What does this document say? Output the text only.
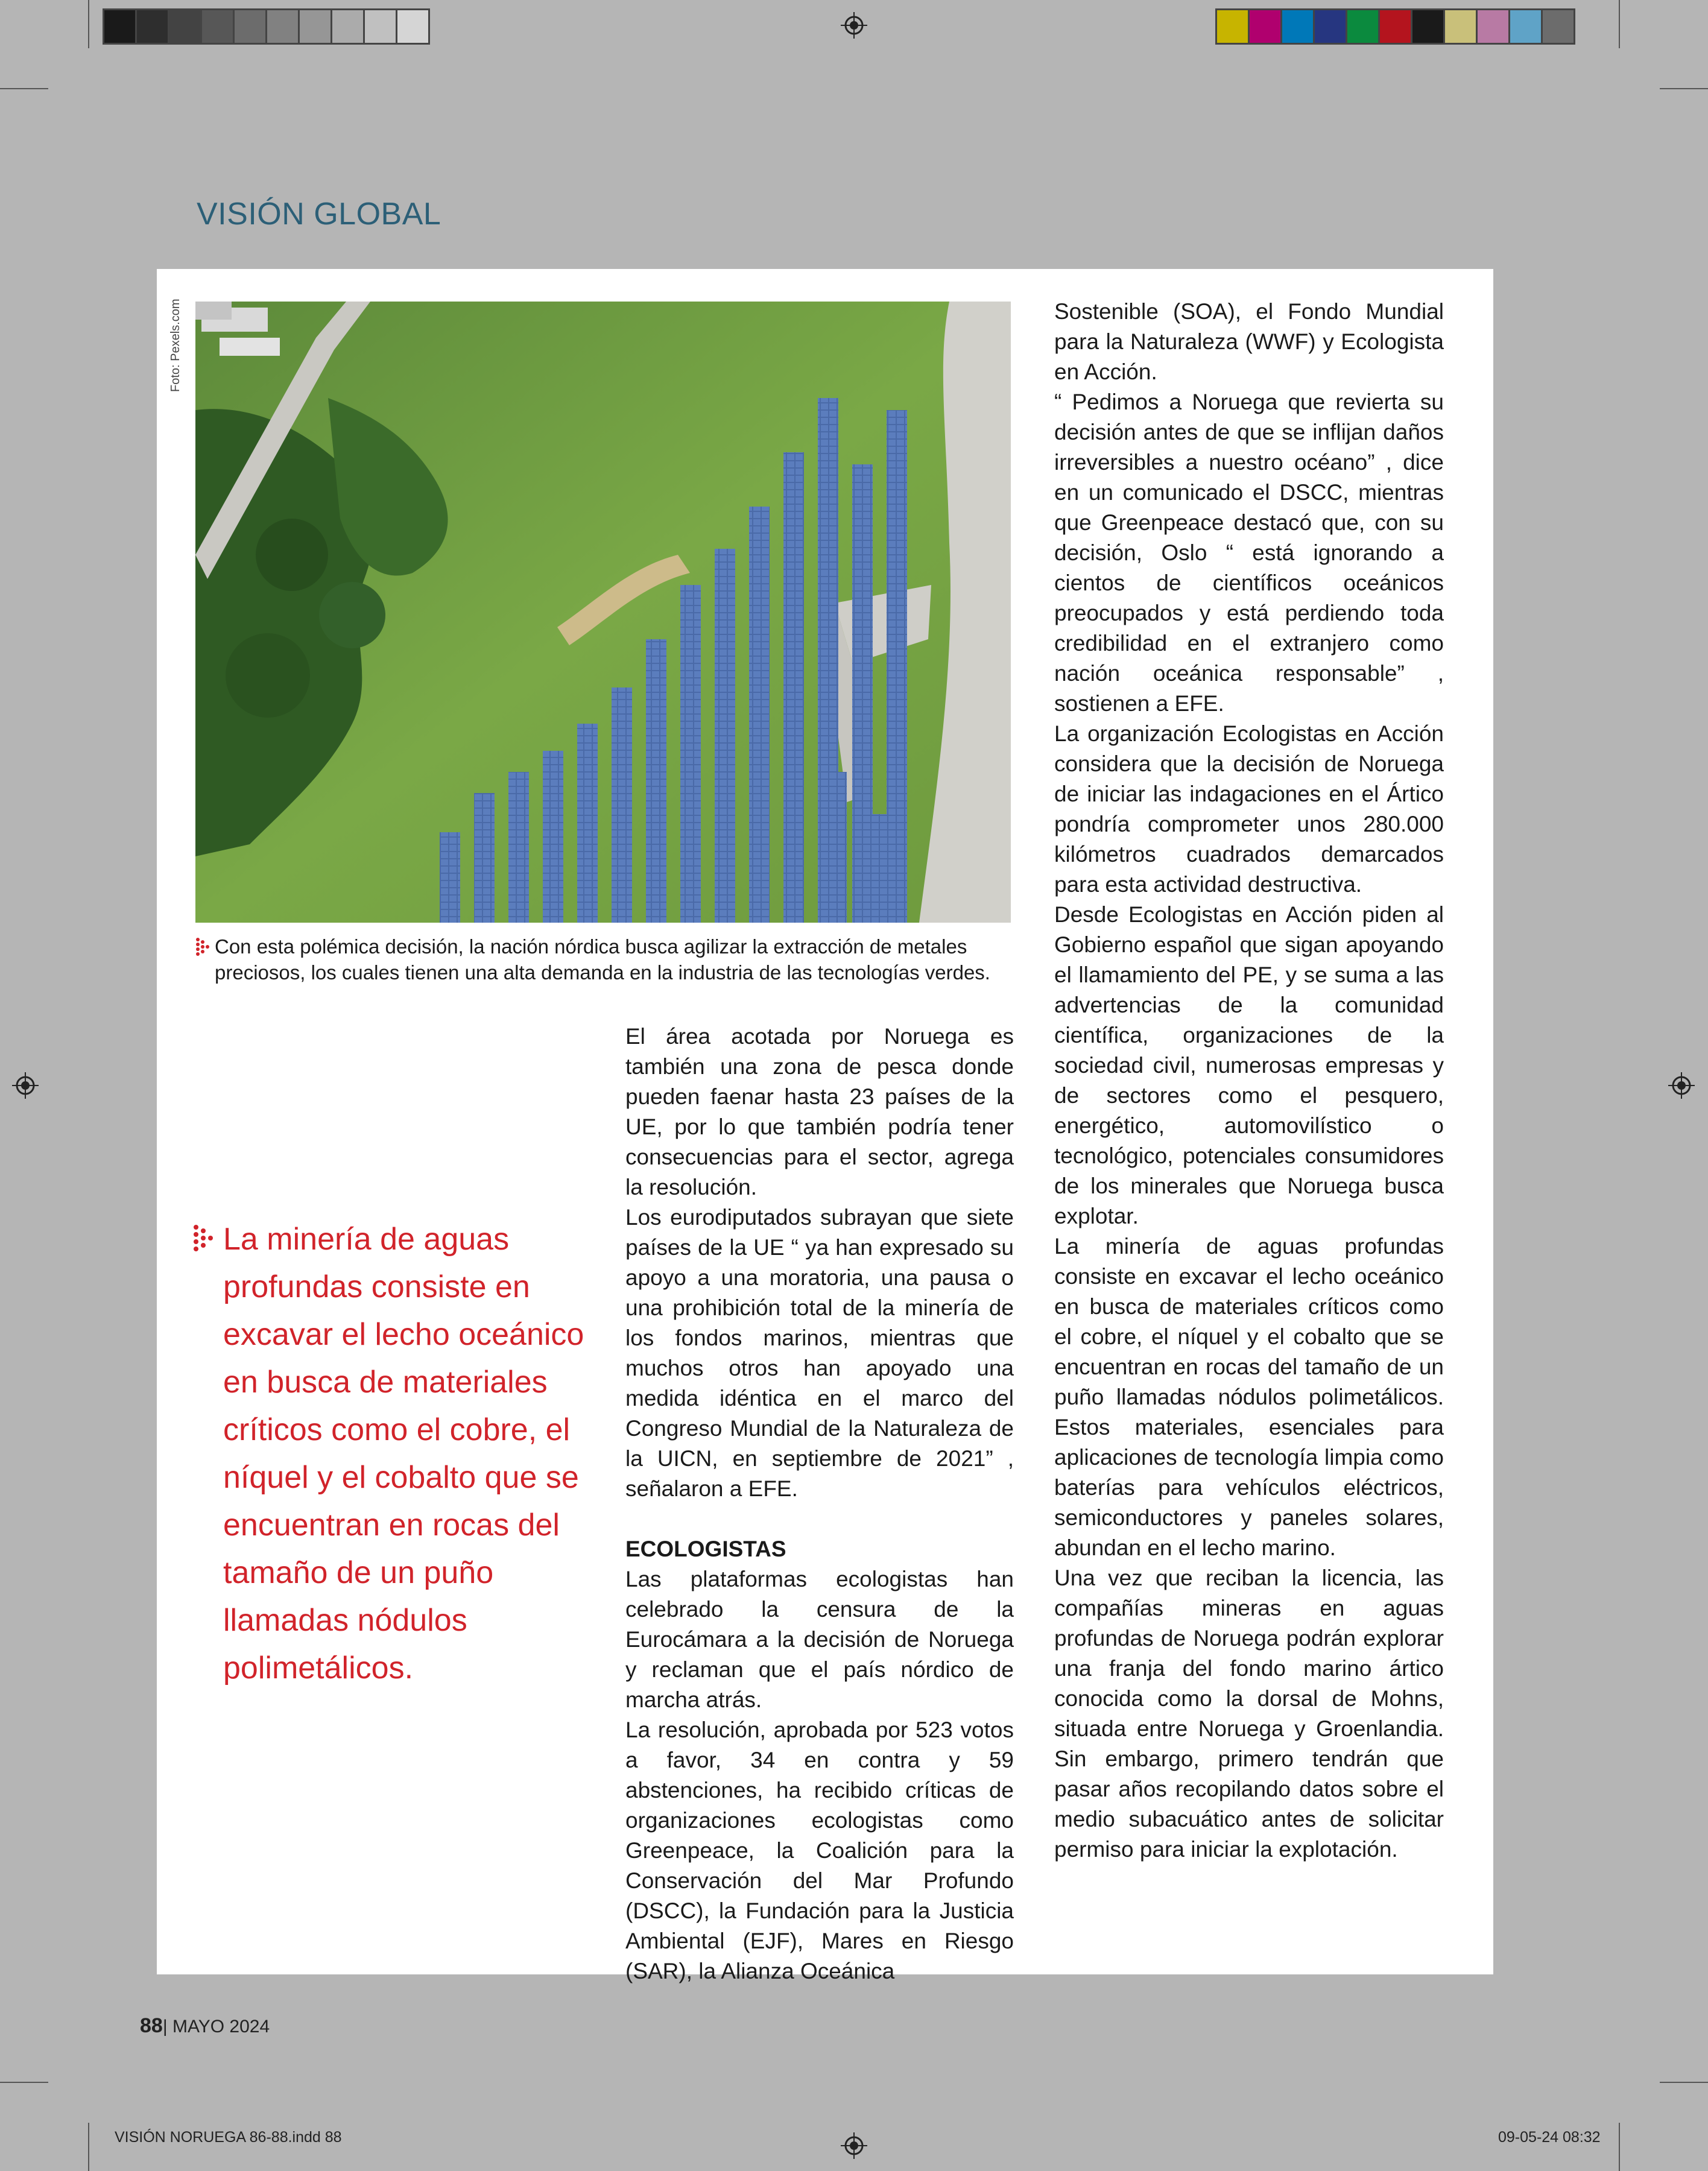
VISIÓN GLOBAL
Foto: Pexels.com
Con esta polémica decisión, la nación nórdica busca agilizar la extracción de metales preciosos, los cuales tienen una alta demanda en la industria de las tecnologías verdes.
La minería de aguas profundas consiste en excavar el lecho oceánico en busca de materiales críticos como el cobre, el níquel y el cobalto que se encuentran en rocas del tamaño de un puño llamadas nódulos polimetálicos.

El área acotada por Noruega es también una zona de pesca donde pueden faenar hasta 23 países de la UE, por lo que también podría tener consecuencias para el sector, agrega la resolución.

Los eurodiputados subrayan que siete países de la UE “ ya han expresado su apoyo a una moratoria, una pausa o una prohibición total de la minería de los fondos marinos, mientras que muchos otros han apoyado una medida idéntica en el marco del Congreso Mundial de la Naturaleza de la UICN, en septiembre de 2021” , señalaron a EFE.

ECOLOGISTAS

Las plataformas ecologistas han celebrado la censura de la Eurocámara a la decisión de Noruega y reclaman que el país nórdico de marcha atrás.

La resolución, aprobada por 523 votos a favor, 34 en contra y 59 abstenciones, ha recibido críticas de organizaciones ecologistas como Greenpeace, la Coalición para la Conservación del Mar Profundo (DSCC), la Fundación para la Justicia Ambiental (EJF), Mares en Riesgo (SAR), la Alianza Oceánica

Sostenible (SOA), el Fondo Mundial para la Naturaleza (WWF) y Ecologista en Acción.

“ Pedimos a Noruega que revierta su decisión antes de que se inflijan daños irreversibles a nuestro océano” , dice en un comunicado el DSCC, mientras que Greenpeace destacó que, con su decisión, Oslo “ está ignorando a cientos de científicos oceánicos preocupados y está perdiendo toda credibilidad en el extranjero como nación oceánica responsable” , sostienen a EFE.

La organización Ecologistas en Acción considera que la decisión de Noruega de iniciar las indagaciones en el Ártico pondría comprometer unos 280.000 kilómetros cuadrados demarcados para esta actividad destructiva.

Desde Ecologistas en Acción piden al Gobierno español que sigan apoyando el llamamiento del PE, y se suma a las advertencias de la comunidad científica, organizaciones de la sociedad civil, numerosas empresas y de sectores como el pesquero, energético, automovilístico o tecnológico, potenciales consumidores de los minerales que Noruega busca explotar.

La minería de aguas profundas consiste en excavar el lecho oceánico en busca de materiales críticos como el cobre, el níquel y el cobalto que se encuentran en rocas del tamaño de un puño llamadas nódulos polimetálicos. Estos materiales, esenciales para aplicaciones de tecnología limpia como baterías para vehículos eléctricos, semiconductores y paneles solares, abundan en el lecho marino.

Una vez que reciban la licencia, las compañías mineras en aguas profundas de Noruega podrán explorar una franja del fondo marino ártico conocida como la dorsal de Mohns, situada entre Noruega y Groenlandia. Sin embargo, primero tendrán que pasar años recopilando datos sobre el medio subacuático antes de solicitar permiso para iniciar la explotación.

88| MAYO 2024
VISIÓN NORUEGA 86-88.indd 88	09-05-24 08:32
